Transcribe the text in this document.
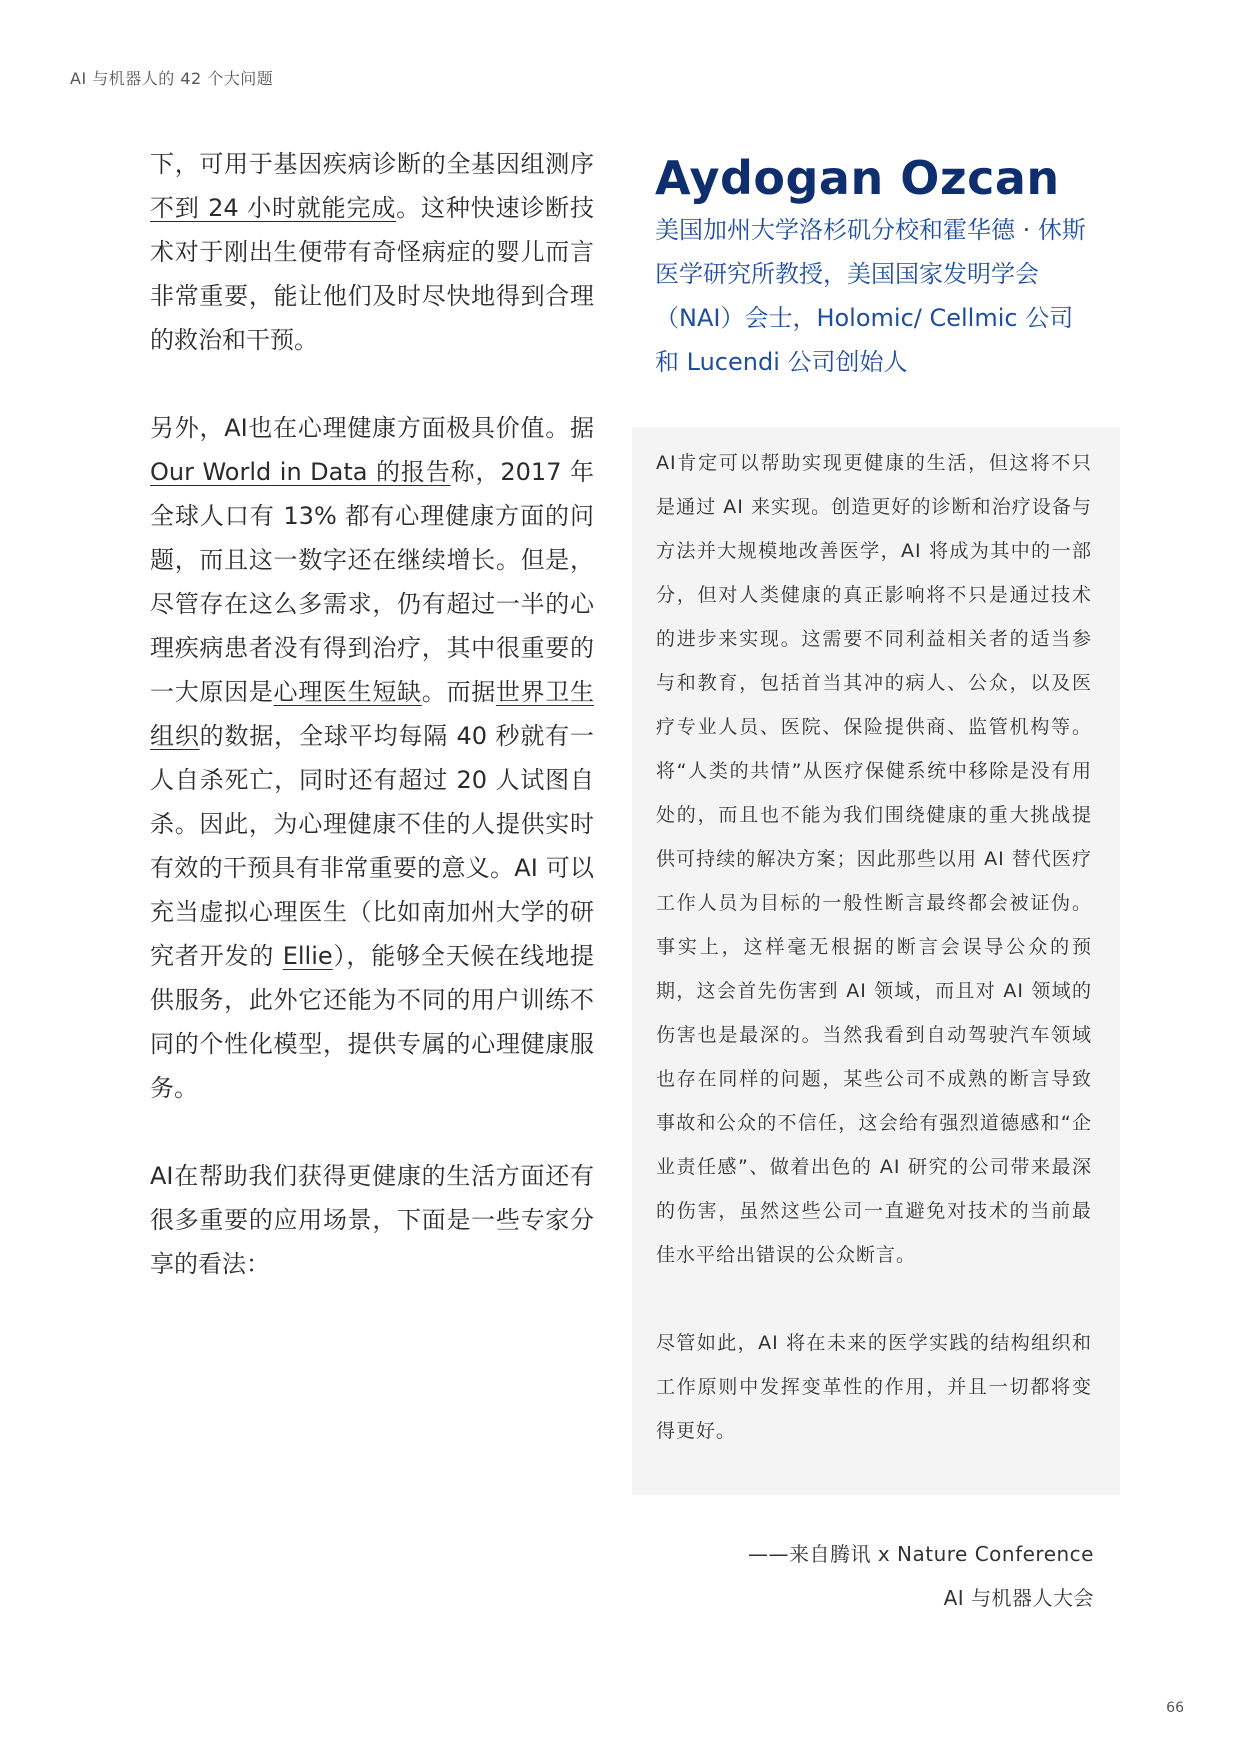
AI 与机器人的 42 个大问题

下，可用于基因疾病诊断的全基因组测序不到 24 小时就能完成。这种快速诊断技术对于刚出生便带有奇怪病症的婴儿而言非常重要，能让他们及时尽快地得到合理的救治和干预。

另外，AI也在心理健康方面极具价值。据Our World in Data 的报告称，2017 年全球人口有 13% 都有心理健康方面的问题，而且这一数字还在继续增长。但是，尽管存在这么多需求，仍有超过一半的心理疾病患者没有得到治疗，其中很重要的一大原因是心理医生短缺。而据世界卫生组织的数据，全球平均每隔 40 秒就有一人自杀死亡，同时还有超过 20 人试图自杀。因此，为心理健康不佳的人提供实时有效的干预具有非常重要的意义。AI 可以充当虚拟心理医生（比如南加州大学的研究者开发的 Ellie），能够全天候在线地提供服务，此外它还能为不同的用户训练不同的个性化模型，提供专属的心理健康服务。

AI在帮助我们获得更健康的生活方面还有很多重要的应用场景，下面是一些专家分享的看法：

Aydogan Ozcan
美国加州大学洛杉矶分校和霍华德 · 休斯医学研究所教授，美国国家发明学会（NAI）会士，Holomic/ Cellmic 公司和 Lucendi 公司创始人

AI肯定可以帮助实现更健康的生活，但这将不只是通过 AI 来实现。创造更好的诊断和治疗设备与方法并大规模地改善医学，AI 将成为其中的一部分，但对人类健康的真正影响将不只是通过技术的进步来实现。这需要不同利益相关者的适当参与和教育，包括首当其冲的病人、公众，以及医疗专业人员、医院、保险提供商、监管机构等。将“人类的共情”从医疗保健系统中移除是没有用处的，而且也不能为我们围绕健康的重大挑战提供可持续的解决方案；因此那些以用 AI 替代医疗工作人员为目标的一般性断言最终都会被证伪。事实上，这样毫无根据的断言会误导公众的预期，这会首先伤害到 AI 领域，而且对 AI 领域的伤害也是最深的。当然我看到自动驾驶汽车领域也存在同样的问题，某些公司不成熟的断言导致事故和公众的不信任，这会给有强烈道德感和“企业责任感”、做着出色的 AI 研究的公司带来最深的伤害，虽然这些公司一直避免对技术的当前最佳水平给出错误的公众断言。

尽管如此，AI 将在未来的医学实践的结构组织和工作原则中发挥变革性的作用，并且一切都将变得更好。

——来自腾讯 x Nature Conference
AI 与机器人大会
66
